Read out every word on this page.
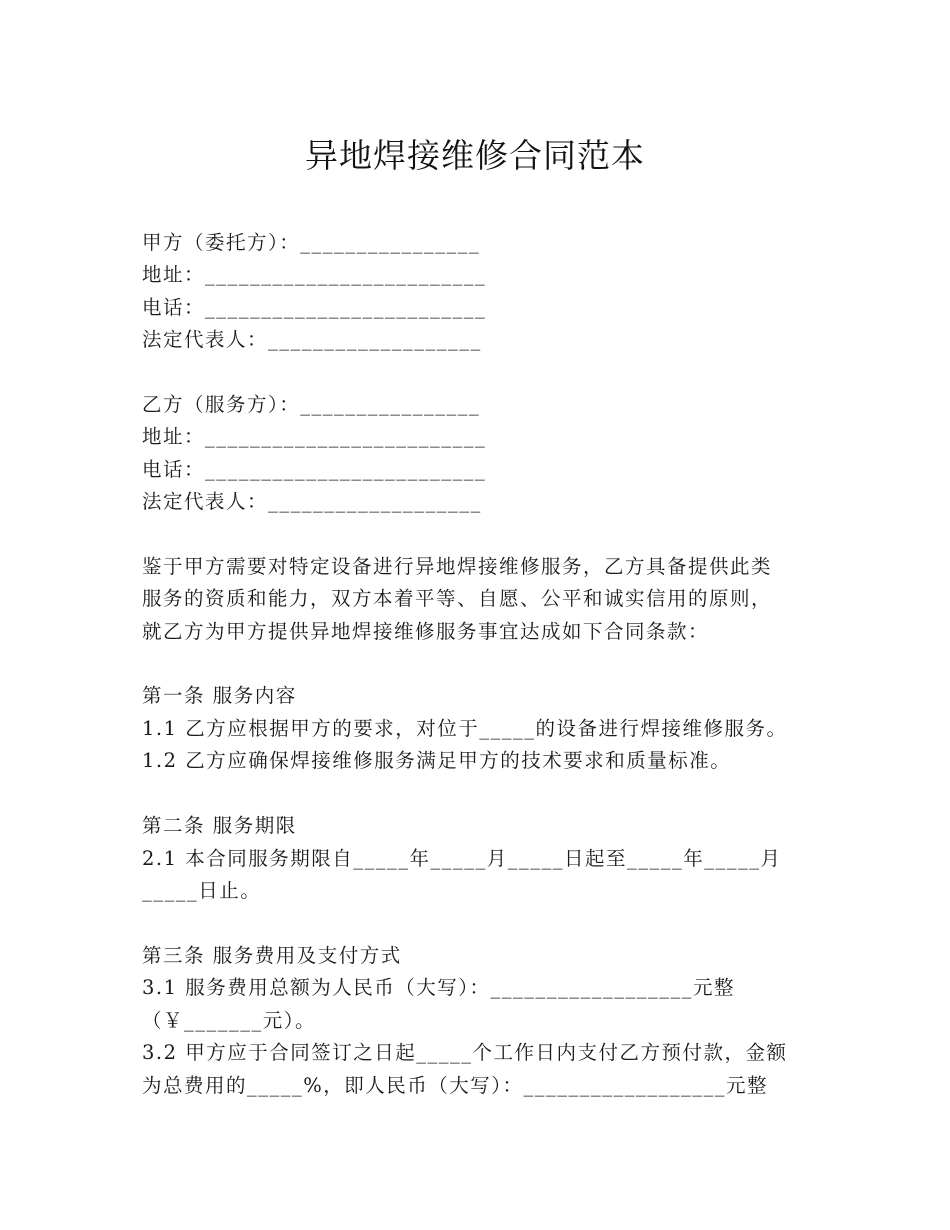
异地焊接维修合同范本
甲方（委托方）：________________
地址：_________________________
电话：_________________________
法定代表人：___________________
乙方（服务方）：________________
地址：_________________________
电话：_________________________
法定代表人：___________________
鉴于甲方需要对特定设备进行异地焊接维修服务，乙方具备提供此类
服务的资质和能力，双方本着平等、自愿、公平和诚实信用的原则，
就乙方为甲方提供异地焊接维修服务事宜达成如下合同条款：
第一条 服务内容
1.1 乙方应根据甲方的要求，对位于_____的设备进行焊接维修服务。
1.2 乙方应确保焊接维修服务满足甲方的技术要求和质量标准。
第二条 服务期限
2.1 本合同服务期限自_____年_____月_____日起至_____年_____月
_____日止。
第三条 服务费用及支付方式
3.1 服务费用总额为人民币（大写）：__________________元整
（￥_______元）。
3.2 甲方应于合同签订之日起_____个工作日内支付乙方预付款，金额
为总费用的_____%，即人民币（大写）：__________________元整
